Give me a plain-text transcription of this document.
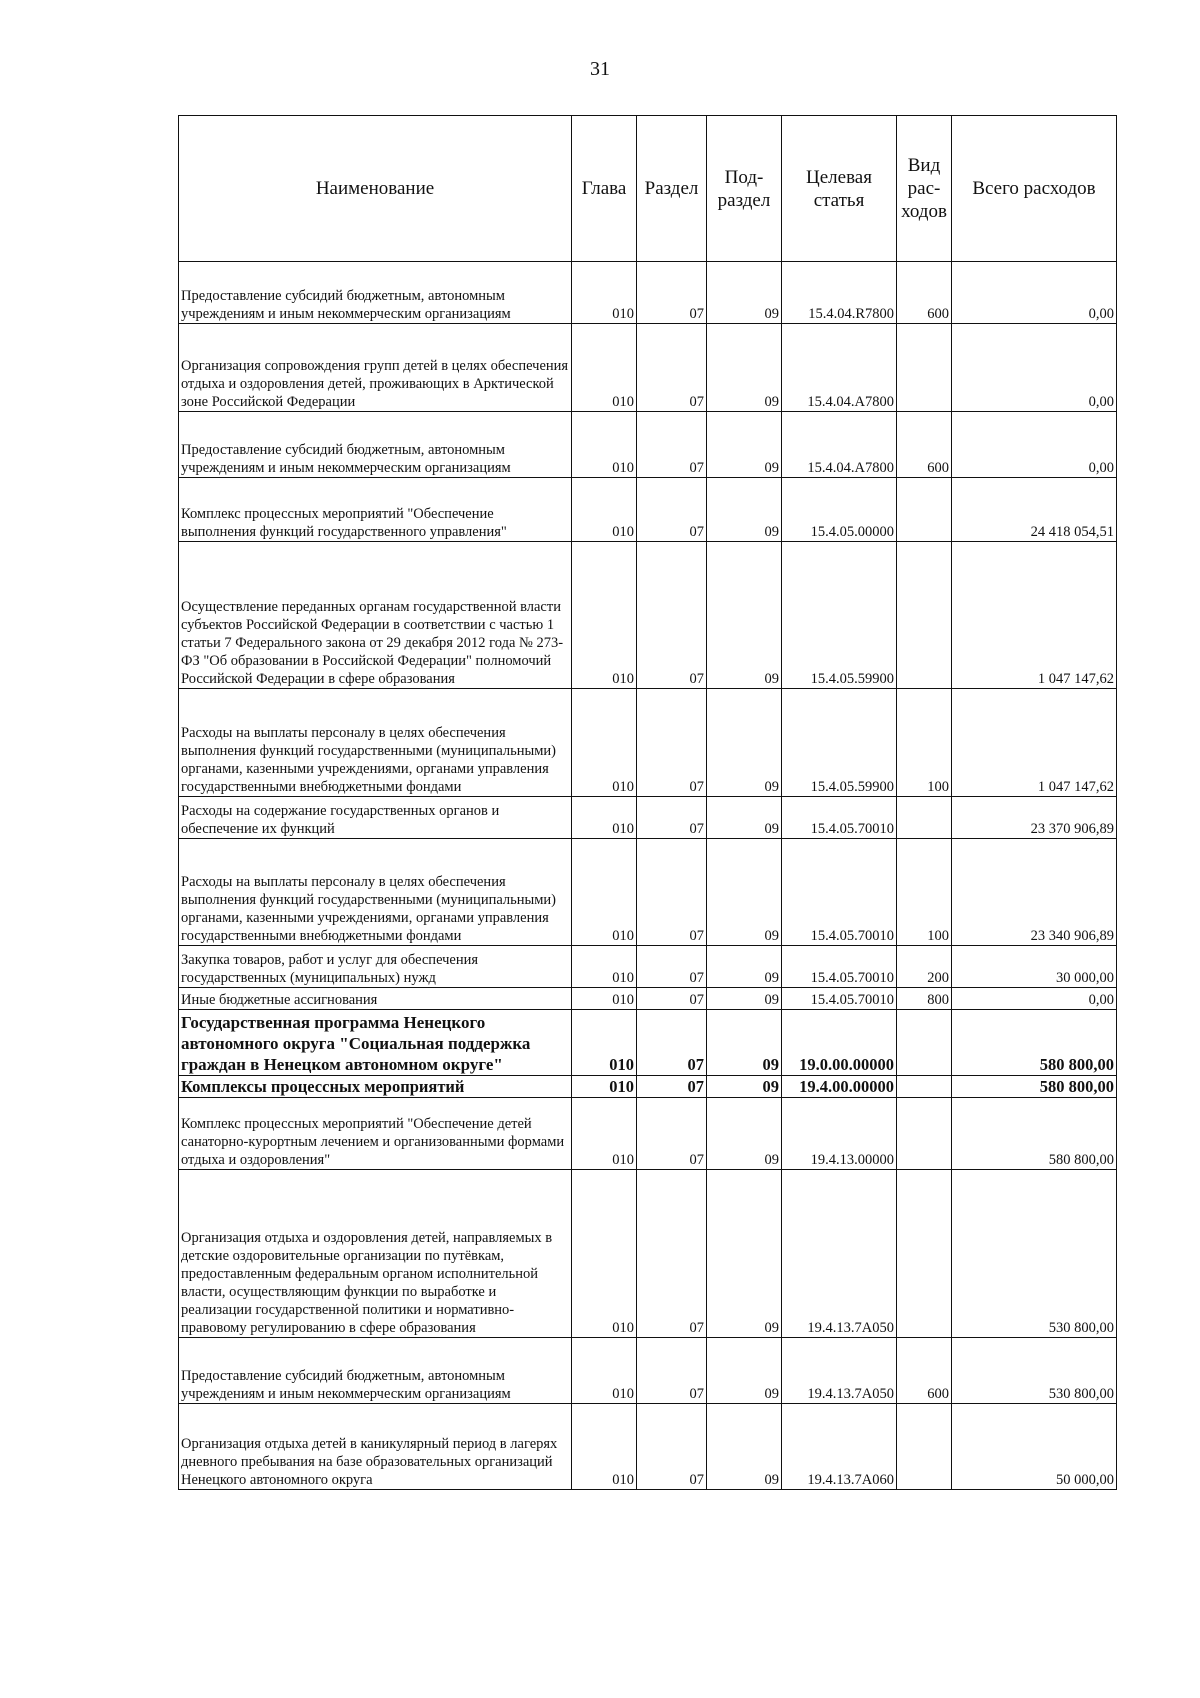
31
Наименование	Глава	Раздел	Под-раздел	Целевая статья	Вид рас-ходов	Всего расходов
Предоставление субсидий бюджетным, автономным учреждениям и иным некоммерческим организациям	010	07	09	15.4.04.R7800	600	0,00
Организация сопровождения групп детей в целях обеспечения отдыха и оздоровления детей, проживающих в Арктической зоне Российской Федерации	010	07	09	15.4.04.A7800		0,00
Предоставление субсидий бюджетным, автономным учреждениям и иным некоммерческим организациям	010	07	09	15.4.04.A7800	600	0,00
Комплекс процессных мероприятий "Обеспечение выполнения функций государственного управления"	010	07	09	15.4.05.00000		24 418 054,51
Осуществление переданных органам государственной власти субъектов Российской Федерации в соответствии с частью 1 статьи 7 Федерального закона от 29 декабря 2012 года № 273-ФЗ "Об образовании в Российской Федерации" полномочий Российской Федерации в сфере образования	010	07	09	15.4.05.59900		1 047 147,62
Расходы на выплаты персоналу в целях обеспечения выполнения функций государственными (муниципальными) органами, казенными учреждениями, органами управления государственными внебюджетными фондами	010	07	09	15.4.05.59900	100	1 047 147,62
Расходы на содержание государственных органов и обеспечение их функций	010	07	09	15.4.05.70010		23 370 906,89
Расходы на выплаты персоналу в целях обеспечения выполнения функций государственными (муниципальными) органами, казенными учреждениями, органами управления государственными внебюджетными фондами	010	07	09	15.4.05.70010	100	23 340 906,89
Закупка товаров, работ и услуг для обеспечения государственных (муниципальных) нужд	010	07	09	15.4.05.70010	200	30 000,00
Иные бюджетные ассигнования	010	07	09	15.4.05.70010	800	0,00
Государственная программа Ненецкого автономного округа "Социальная поддержка граждан в Ненецком автономном округе"	010	07	09	19.0.00.00000		580 800,00
Комплексы процессных мероприятий	010	07	09	19.4.00.00000		580 800,00
Комплекс процессных мероприятий "Обеспечение детей санаторно-курортным лечением и организованными формами отдыха и оздоровления"	010	07	09	19.4.13.00000		580 800,00
Организация отдыха и оздоровления детей, направляемых в детские оздоровительные организации по путёвкам, предоставленным федеральным органом исполнительной власти, осуществляющим функции по выработке и реализации государственной политики и нормативно-правовому регулированию в сфере образования	010	07	09	19.4.13.7A050		530 800,00
Предоставление субсидий бюджетным, автономным учреждениям и иным некоммерческим организациям	010	07	09	19.4.13.7A050	600	530 800,00
Организация отдыха детей в каникулярный период в лагерях дневного пребывания на базе образовательных организаций Ненецкого автономного округа	010	07	09	19.4.13.7A060		50 000,00
